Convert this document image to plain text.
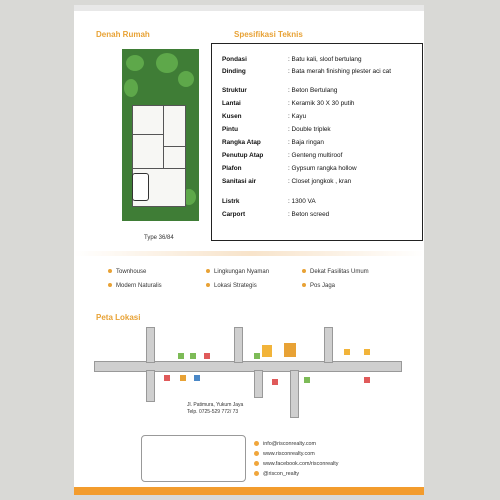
Denah Rumah
Type 36/84
Spesifikasi Teknis
Pondasi	: Batu kali, sloof bertulang
Dinding	: Bata merah finishing plester aci cat
Struktur	: Beton Bertulang
Lantai	: Keramik 30 X 30 putih
Kusen	: Kayu
Pintu	: Double triplek
Rangka Atap	: Baja ringan
Penutup Atap	: Genteng multiroof
Plafon	: Gypsum rangka hollow
Sanitasi air	: Closet jongkok , kran
Listrk	: 1300 VA
Carport	: Beton screed
Townhouse
Modern Naturalis
Lingkungan Nyaman
Lokasi Strategis
Dekat Fasilitas Umum
Pos Jaga
Peta Lokasi
Jl. Patimura, Yukum Jaya
Telp. 0725-529 772/ 73
info@risconrealty.com
www.risconrealty.com
www.facebook.com/risconrealty
@riscon_realty
